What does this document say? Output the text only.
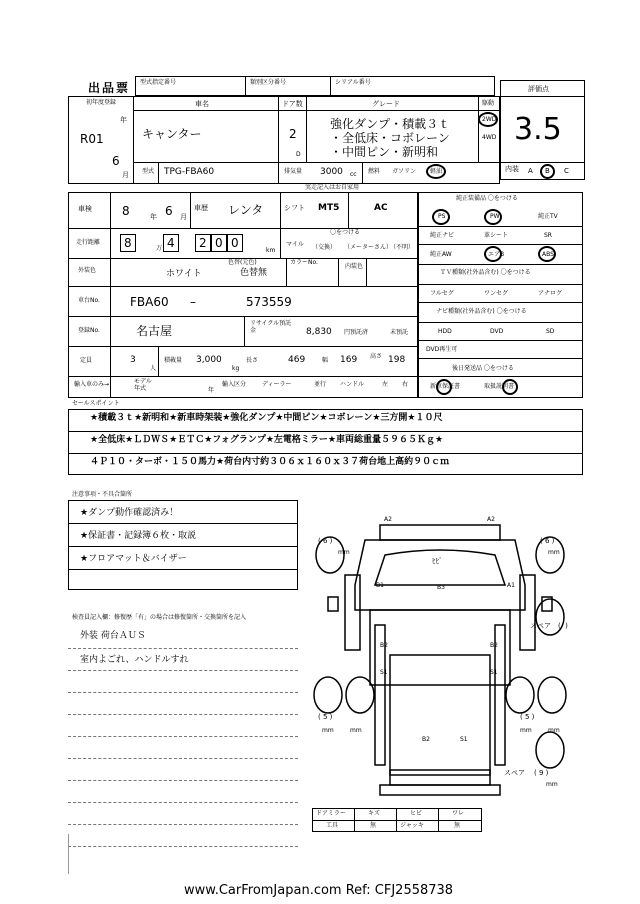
出品票 型式指定番号	類別区分番号	シリアル番号
評価点
3.5
内装 A B C
初年度登録
R01
年
6
月
車名
キャンター
ドア数
2
D
グレード
強化ダンプ・積載３ｔ
・全低床・コボレーン
・中間ピン・新明和
駆動
2WD
4WD
型式 TPG-FBA60	排気量 3000 cc 燃料 ガソリン 軽油
実走記入はお自家用
車検	8	年 6 月
車歴 レンタ	シフト MT5	AC
走行距離 8	万 4 2 0 0
km
マイル
〇をつける
（交換） （メーターさん）
（不明）
外装色	ホワイト
色替(元色)
色替無
カラーNo.
内装色
車台No.	FBA60 –	573559
登録No.	名古屋
リサイクル預託金	8,830 円預託済	未預託
定員	3
人
積載量 3,000
kg
長さ	469	幅 169 高さ 198
輸入車のみ→	モデル年式	年
輸入区分	ディーラー	並行 ハンドル	左 右
純正装備品 〇をつける
PS	PW	純正TV
純正ナビ	革シート	SR
純正AW	エアB	ABS
ＴＶ種類(社外品含む) 〇をつける
フルセグ	ワンセグ	アナログ
ナビ種類(社外品含む) 〇をつける
HDD	DVD	SD
DVD再生可
後日発送品 〇をつける
新車保証書	取扱説明書
セールスポイント
★積載３ｔ★新明和★新車時架装★強化ダンプ★中間ピン★コボレーン★三方開★１０尺
★全低床★ＬＤＷＳ★ＥＴＣ★フォグランプ★左電格ミラー★車両総重量５９６５Ｋｇ★
４Ｐ１０・ターボ・１５０馬力★荷台内寸約３０６ｘ１６０ｘ３７荷台地上高約９０ｃｍ
注意事項・不具合箇所
★ダンプ動作確認済み！
★保証書・記録簿６枚・取説
★フロアマット＆バイザー
検査員記入欄：修復歴「有」の場合は修復箇所・交換箇所を記入
外装 荷台ＡＵＳ
室内よごれ、ハンドルすれ
A2	A2
ﾋﾋﾞ
B3
B1	A1
B2
S1
B2
S1
B2	S1
( 6 )
mm
( 6 )
mm
( 5 )
mm	mm
( 5 )
mm	mm
スペア (  )
スペア ( 9 )
mm
ドアミラー	キズ	ヒビ	ワレ
工具	無	ジャッキ	無
www.CarFromJapan.com Ref: CFJ2558738
